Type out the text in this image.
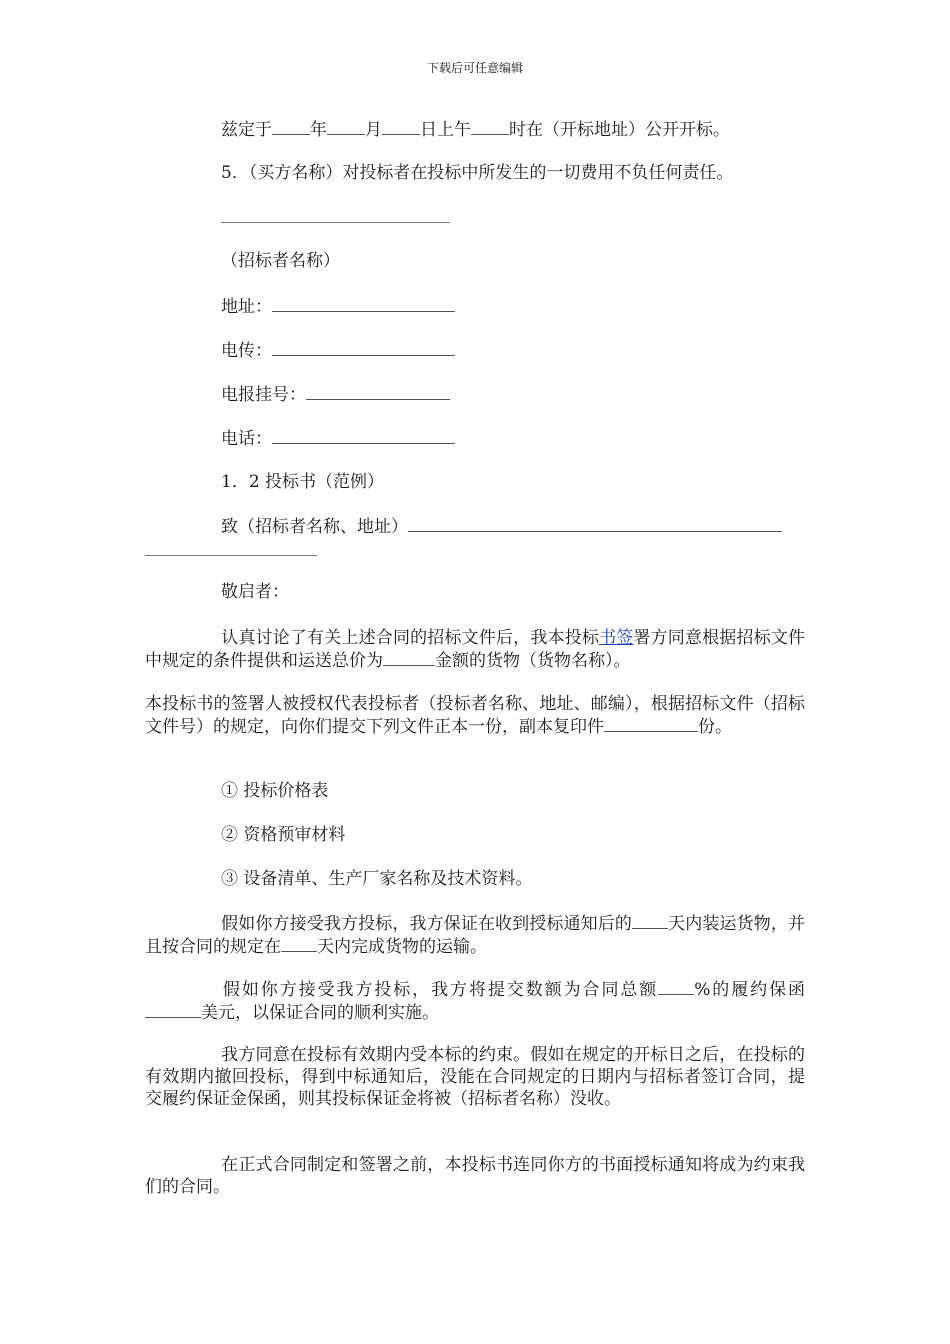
下载后可任意编辑
兹定于 年 月 日上午 时在（开标地址）公开开标。
5．（买方名称）对投标者在投标中所发生的一切费用不负任何责任。
（招标者名称）
地址：
电传：
电报挂号：
电话：
1．2 投标书（范例）
致（招标者名称、地址）
敬启者：
认真讨论了有关上述合同的招标文件后，我本投标书签署方同意根据招标文件中规定的条件提供和运送总价为	金额的货物（货物名称）。
本投标书的签署人被授权代表投标者（投标者名称、地址、邮编），根据招标文件（招标文件号）的规定，向你们提交下列文件正本一份，副本复印件	份。
① 投标价格表
② 资格预审材料
③ 设备清单、生产厂家名称及技术资料。
假如你方接受我方投标，我方保证在收到授标通知后的 天内装运货物，并且按合同的规定在 天内完成货物的运输。
假如你方接受我方投标，我方将提交数额为合同总额 %的履约保函美元，以保证合同的顺利实施。
我方同意在投标有效期内受本标的约束。假如在规定的开标日之后，在投标的有效期内撤回投标，得到中标通知后，没能在合同规定的日期内与招标者签订合同，提交履约保证金保函，则其投标保证金将被（招标者名称）没收。
在正式合同制定和签署之前，本投标书连同你方的书面授标通知将成为约束我们的合同。
